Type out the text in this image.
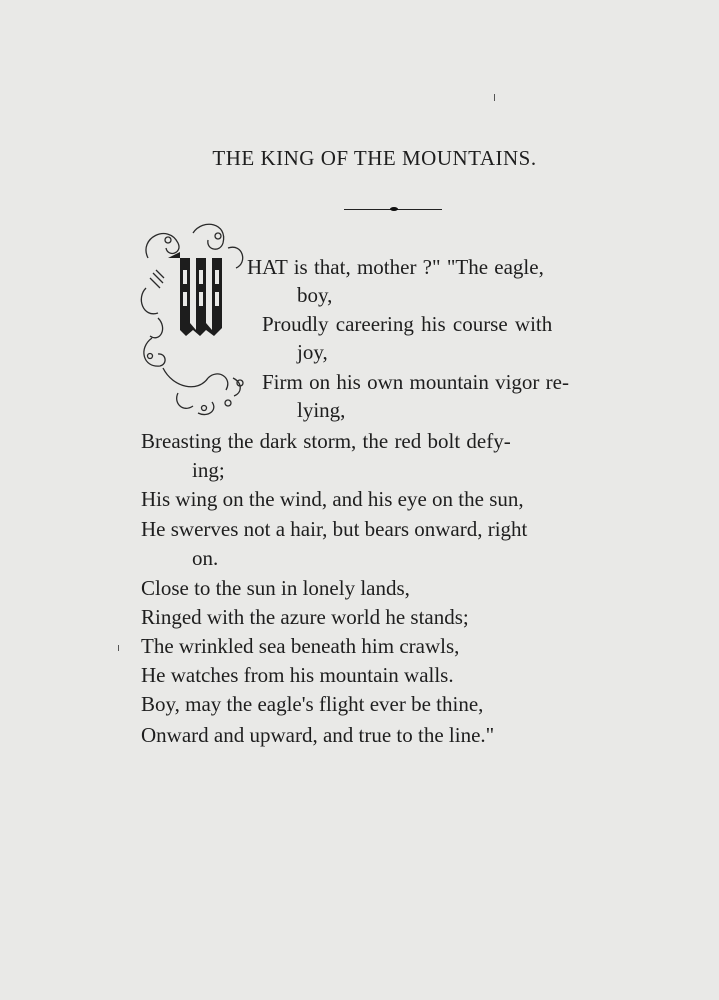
THE KING OF THE MOUNTAINS.
HAT is that, mother ?" "The eagle,
boy,
Proudly careering his course with
joy,
Firm on his own mountain vigor re-
lying,
Breasting the dark storm, the red bolt defy-
ing;
His wing on the wind, and his eye on the sun,
He swerves not a hair, but bears onward, right
on.
Close to the sun in lonely lands,
Ringed with the azure world he stands;
The wrinkled sea beneath him crawls,
He watches from his mountain walls.
Boy, may the eagle's flight ever be thine,
Onward and upward, and true to the line."
